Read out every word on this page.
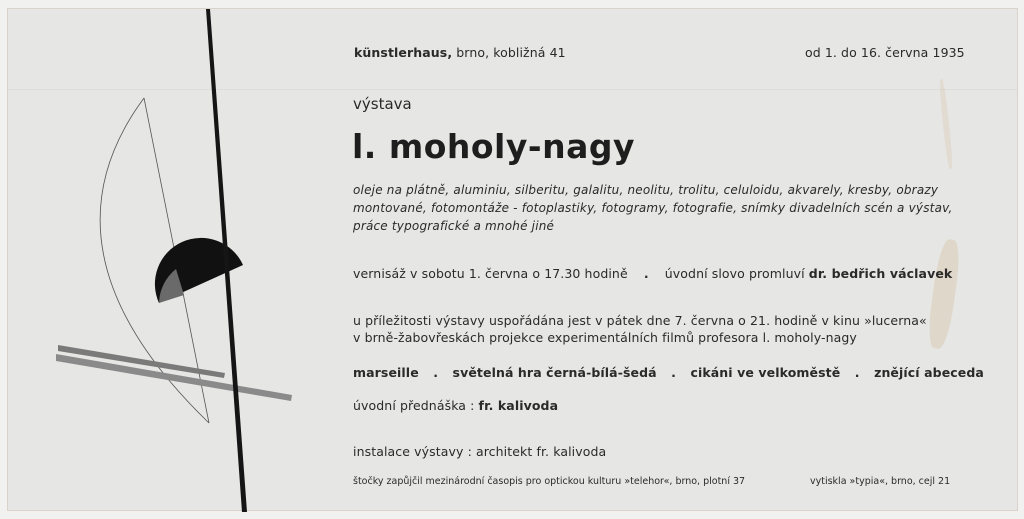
künstlerhaus, brno, kobližná 41	od 1. do 16. června 1935
výstava
l. moholy-nagy
oleje na plátně, aluminiu, silberitu, galalitu, neolitu, trolitu, celuloidu, akvarely, kresby, obrazy
montované, fotomontáže - fotoplastiky, fotogramy, fotografie, snímky divadelních scén a výstav,
práce typografické a mnohé jiné
vernisáž v sobotu 1. června o 17.30 hodině . úvodní slovo promluví dr. bedřich václavek
u příležitosti výstavy uspořádána jest v pátek dne 7. června o 21. hodině v kinu »lucerna«
v brně-žabovřeskách projekce experimentálních filmů profesora l. moholy-nagy
marseille . světelná hra černá-bílá-šedá . cikáni ve velkoměstě . znějící abeceda
úvodní přednáška : fr. kalivoda
instalace výstavy : architekt fr. kalivoda
štočky zapůjčil mezinárodní časopis pro optickou kulturu »telehor«, brno, plotní 37	vytiskla »typia«, brno, cejl 21
